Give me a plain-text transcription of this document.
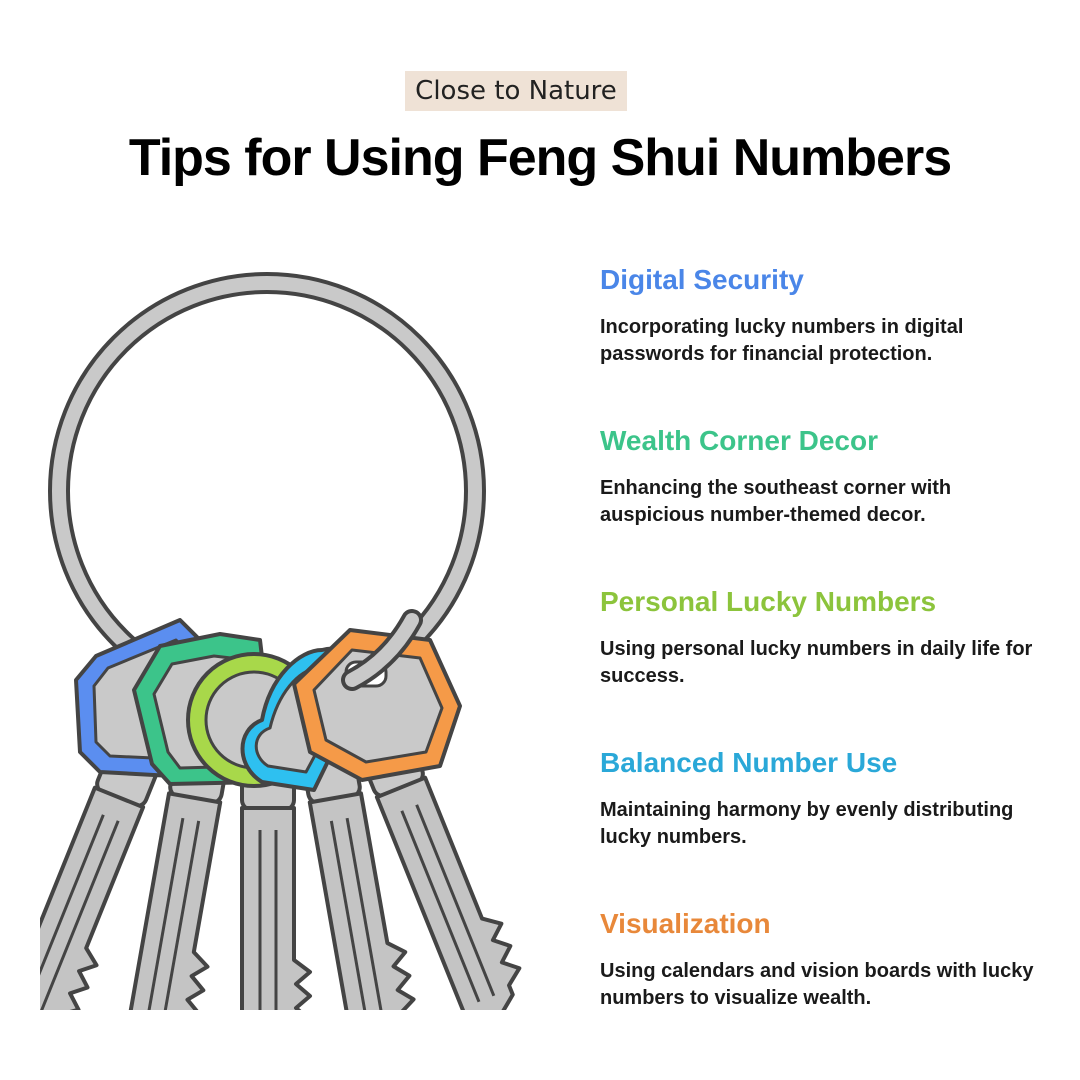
Close to Nature
Tips for Using Feng Shui Numbers
Digital Security
Incorporating lucky numbers in digital passwords for financial protection.
Wealth Corner Decor
Enhancing the southeast corner with auspicious number-themed decor.
Personal Lucky Numbers
Using personal lucky numbers in daily life for success.
Balanced Number Use
Maintaining harmony by evenly distributing lucky numbers.
Visualization
Using calendars and vision boards with lucky numbers to visualize wealth.
